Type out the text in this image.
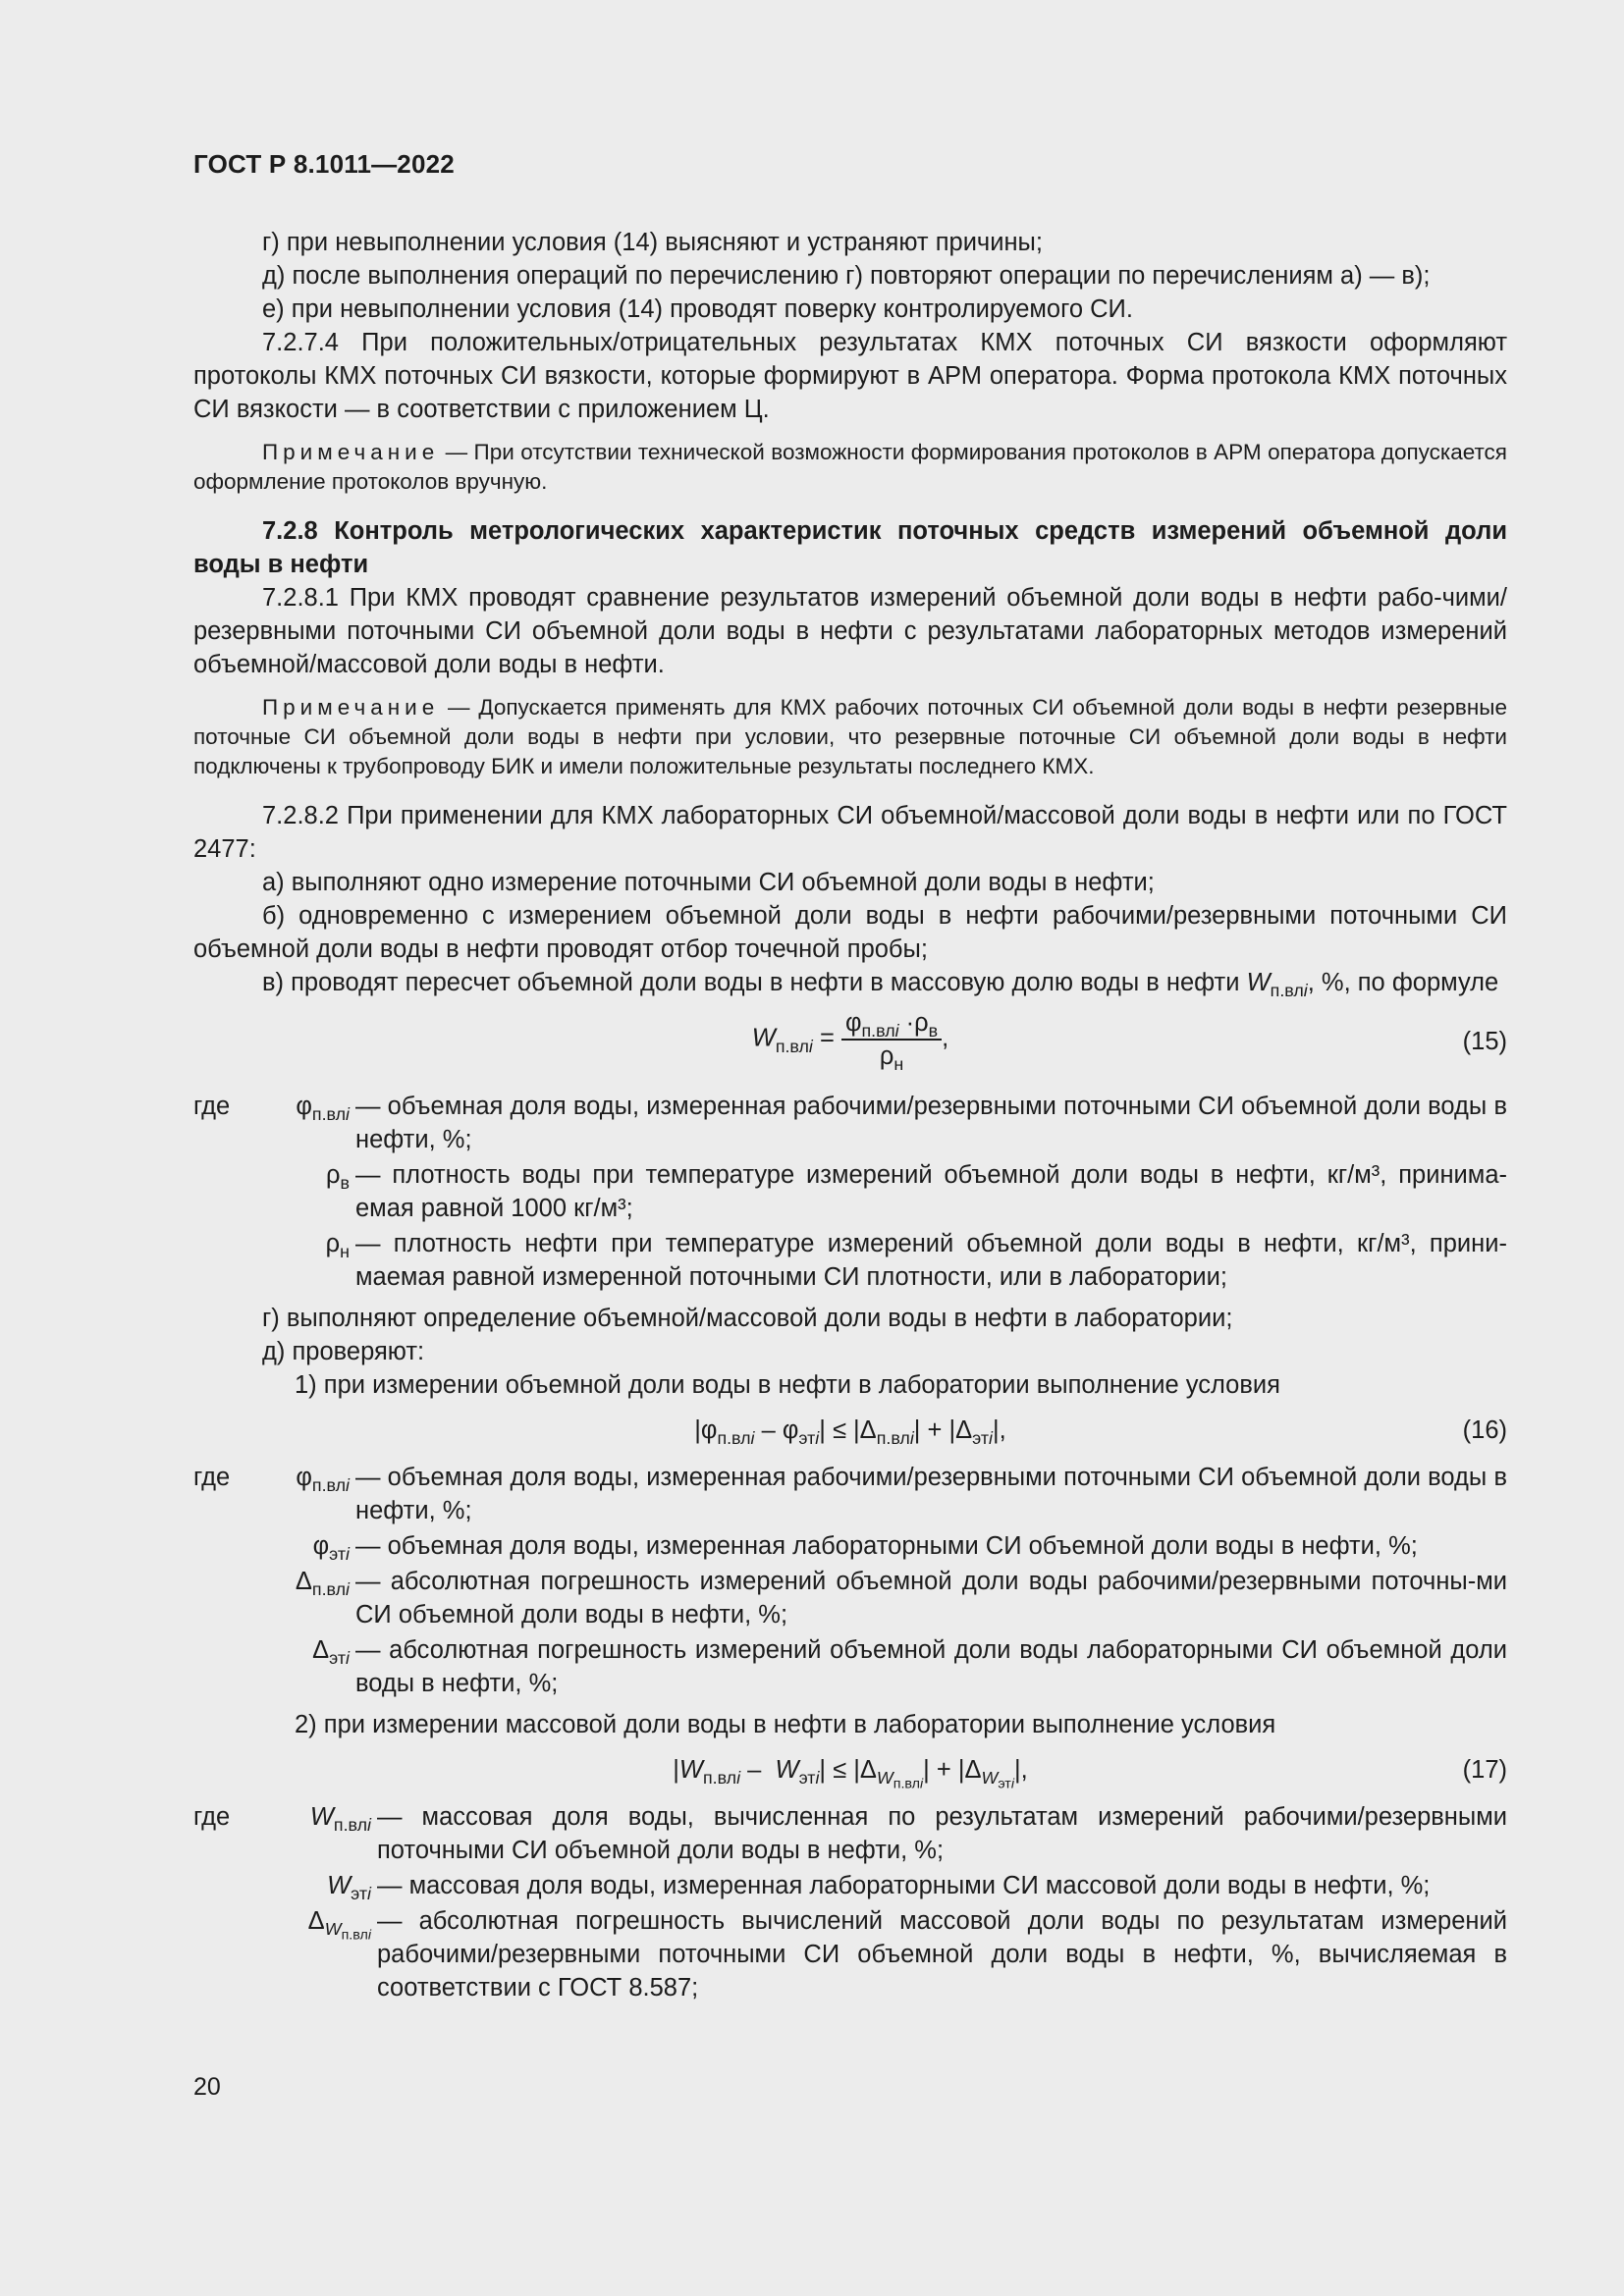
ГОСТ Р 8.1011—2022

г) при невыполнении условия (14) выясняют и устраняют причины;

д) после выполнения операций по перечислению г) повторяют операции по перечислениям а) — в);

е) при невыполнении условия (14) проводят поверку контролируемого СИ.

7.2.7.4 При положительных/отрицательных результатах КМХ поточных СИ вязкости оформляют протоколы КМХ поточных СИ вязкости, которые формируют в АРМ оператора. Форма протокола КМХ поточных СИ вязкости — в соответствии с приложением Ц.

Примечание — При отсутствии технической возможности формирования протоколов в АРМ оператора допускается оформление протоколов вручную.
7.2.8 Контроль метрологических характеристик поточных средств измерений объемной доли воды в нефти

7.2.8.1 При КМХ проводят сравнение результатов измерений объемной доли воды в нефти рабо-чими/резервными поточными СИ объемной доли воды в нефти с результатами лабораторных методов измерений объемной/массовой доли воды в нефти.

Примечание — Допускается применять для КМХ рабочих поточных СИ объемной доли воды в нефти резервные поточные СИ объемной доли воды в нефти при условии, что резервные поточные СИ объемной доли воды в нефти подключены к трубопроводу БИК и имели положительные результаты последнего КМХ.

7.2.8.2 При применении для КМХ лабораторных СИ объемной/массовой доли воды в нефти или по ГОСТ 2477:

а) выполняют одно измерение поточными СИ объемной доли воды в нефти;

б) одновременно с измерением объемной доли воды в нефти рабочими/резервными поточными СИ объемной доли воды в нефти проводят отбор точечной пробы;

в) проводят пересчет объемной доли воды в нефти в массовую долю воды в нефти $W_{п.влi}$, %, по формуле

$W_{п.влi} = \frac{\varphi_{п.влi} \cdot\rho_в}{\rho_н}$ ,	(15)
где	$\varphi_{п.влi}$ — объемная доля воды, измеренная рабочими/резервными поточными СИ объемной доли воды в нефти, %;
$\rho_в$ — плотность воды при температуре измерений объемной доли воды в нефти, кг/м³, принима-емая равной 1000 кг/м³;
$\rho_н$ — плотность нефти при температуре измерений объемной доли воды в нефти, кг/м³, прини-маемая равной измеренной поточными СИ плотности, или в лаборатории;

г) выполняют определение объемной/массовой доли воды в нефти в лаборатории;

д) проверяют:

1) при измерении объемной доли воды в нефти в лаборатории выполнение условия

$|\varphi_{п.влi} - \varphi_{этi}| \le |\Delta_{п.влi}| + |\Delta_{этi}|$,	(16)
где	$\varphi_{п.влi}$ — объемная доля воды, измеренная рабочими/резервными поточными СИ объемной доли воды в нефти, %;
$\varphi_{этi}$ — объемная доля воды, измеренная лабораторными СИ объемной доли воды в нефти, %;
$\Delta_{п.влi}$ — абсолютная погрешность измерений объемной доли воды рабочими/резервными поточны-ми СИ объемной доли воды в нефти, %;
$\Delta_{этi}$ — абсолютная погрешность измерений объемной доли воды лабораторными СИ объемной доли воды в нефти, %;

2) при измерении массовой доли воды в нефти в лаборатории выполнение условия

$|W_{п.влi} - W_{этi}| \le |\Delta_{W_{п.влi}}| + |\Delta_{W_{этi}}|$,	(17)
где	$W_{п.влi}$ — массовая доля воды, вычисленная по результатам измерений рабочими/резервными поточными СИ объемной доли воды в нефти, %;
$W_{этi}$ — массовая доля воды, измеренная лабораторными СИ массовой доли воды в нефти, %;
$\Delta_{W_{п.влi}}$
— абсолютная погрешность вычислений массовой доли воды по результатам измерений рабочими/резервными поточными СИ объемной доли воды в нефти, %, вычисляемая в соответствии с ГОСТ 8.587;
20
